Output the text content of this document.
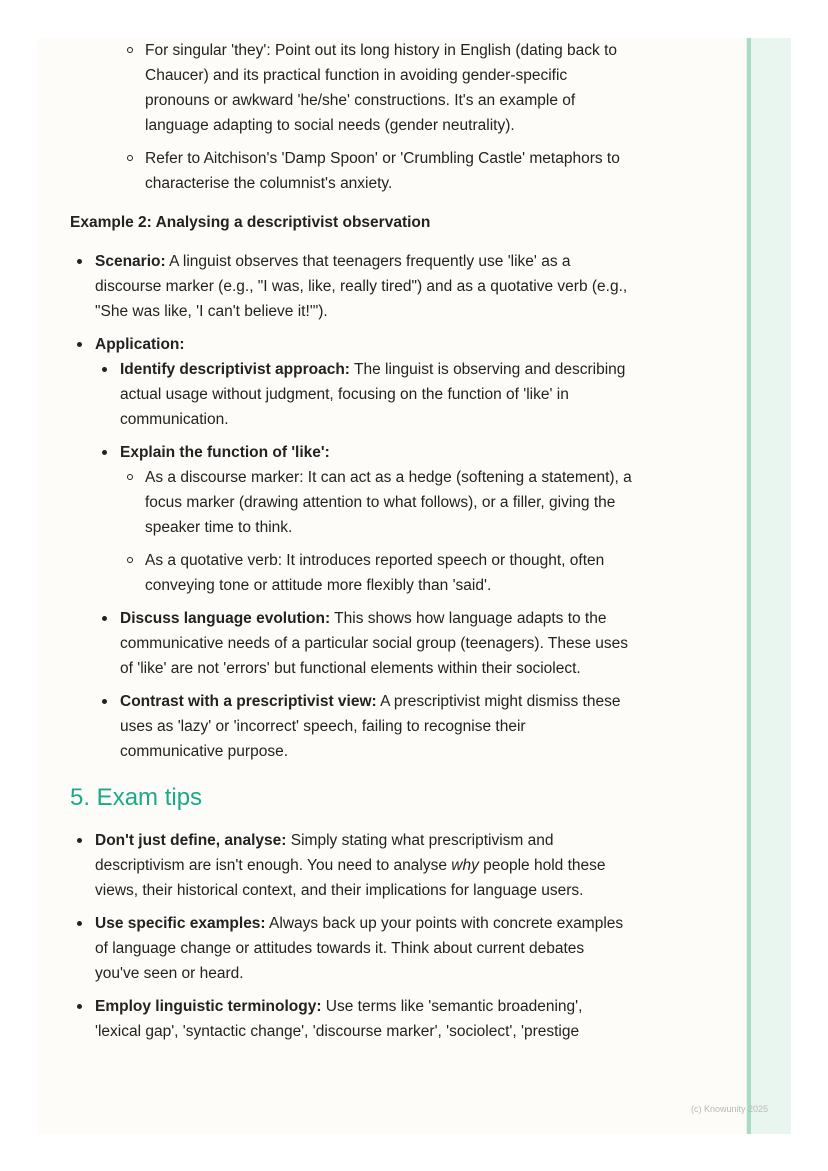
For singular 'they': Point out its long history in English (dating back to Chaucer) and its practical function in avoiding gender-specific pronouns or awkward 'he/she' constructions. It's an example of language adapting to social needs (gender neutrality).
Refer to Aitchison's 'Damp Spoon' or 'Crumbling Castle' metaphors to characterise the columnist's anxiety.
Example 2: Analysing a descriptivist observation
Scenario: A linguist observes that teenagers frequently use 'like' as a discourse marker (e.g., "I was, like, really tired") and as a quotative verb (e.g., "She was like, 'I can't believe it!'").
Application:
Identify descriptivist approach: The linguist is observing and describing actual usage without judgment, focusing on the function of 'like' in communication.
Explain the function of 'like':
As a discourse marker: It can act as a hedge (softening a statement), a focus marker (drawing attention to what follows), or a filler, giving the speaker time to think.
As a quotative verb: It introduces reported speech or thought, often conveying tone or attitude more flexibly than 'said'.
Discuss language evolution: This shows how language adapts to the communicative needs of a particular social group (teenagers). These uses of 'like' are not 'errors' but functional elements within their sociolect.
Contrast with a prescriptivist view: A prescriptivist might dismiss these uses as 'lazy' or 'incorrect' speech, failing to recognise their communicative purpose.
5. Exam tips
Don't just define, analyse: Simply stating what prescriptivism and descriptivism are isn't enough. You need to analyse why people hold these views, their historical context, and their implications for language users.
Use specific examples: Always back up your points with concrete examples of language change or attitudes towards it. Think about current debates you've seen or heard.
Employ linguistic terminology: Use terms like 'semantic broadening', 'lexical gap', 'syntactic change', 'discourse marker', 'sociolect', 'prestige
(c) Knowunity 2025
